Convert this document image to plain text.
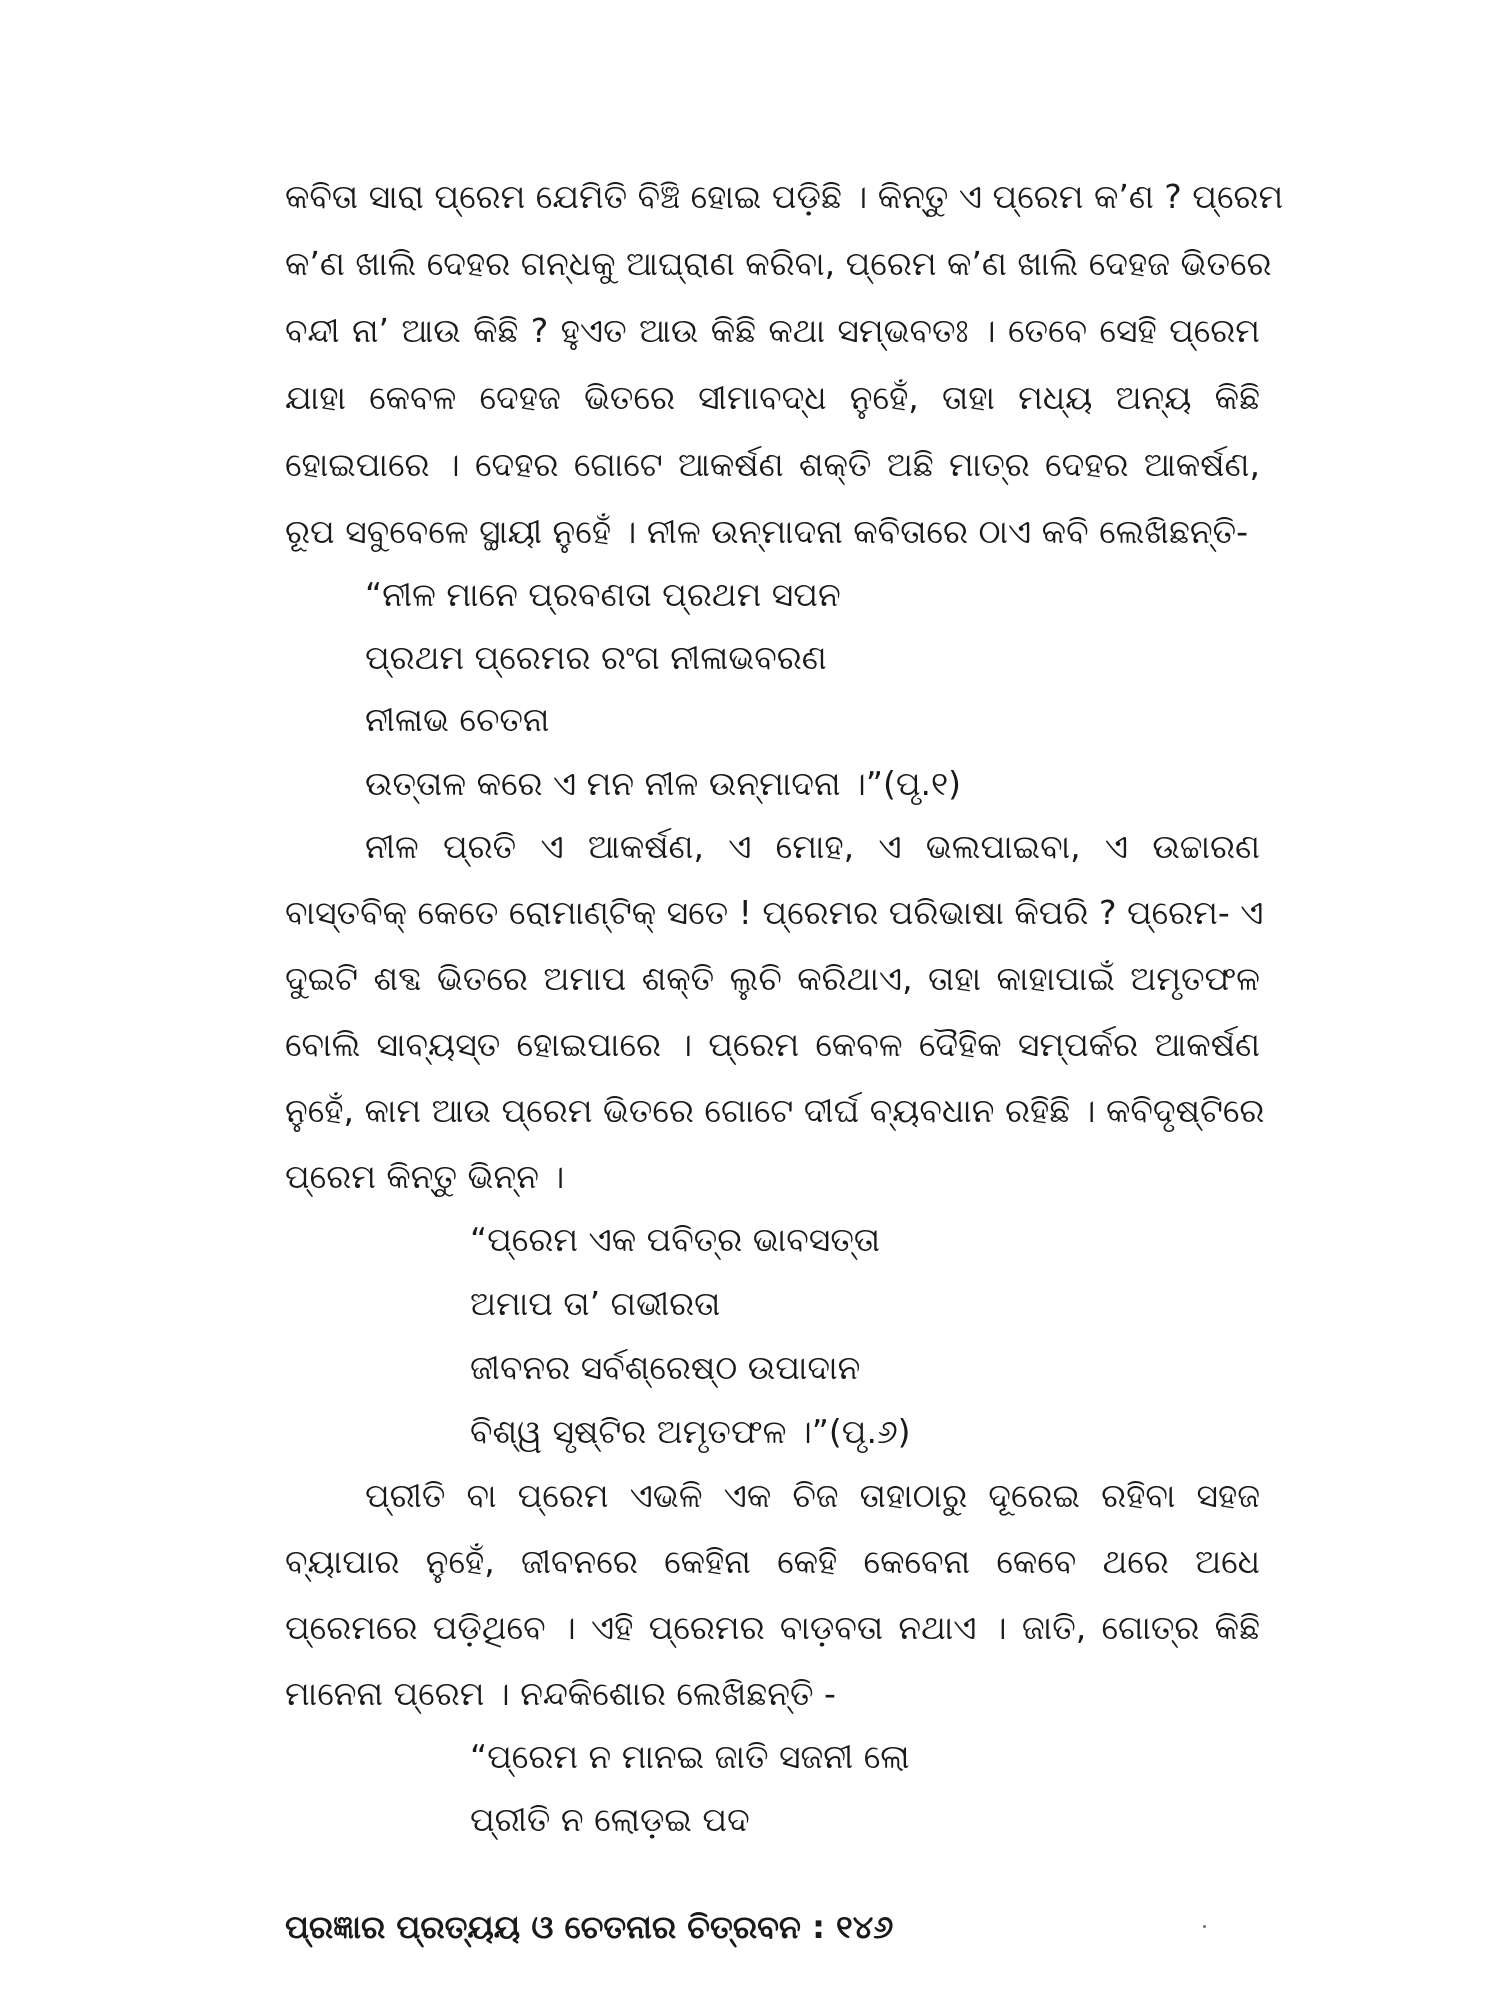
କବିତା ସାରା ପ୍ରେମ ଯେମିତି ବିଞ୍ଚି ହୋଇ ପଡ଼ିଛି । କିନ୍ତୁ ଏ ପ୍ରେମ କ’ଣ ? ପ୍ରେମ
କ’ଣ ଖାଲି ଦେହର ଗନ୍ଧକୁ ଆଘ୍ରାଣ କରିବା, ପ୍ରେମ କ’ଣ ଖାଲି ଦେହଜ ଭିତରେ
ବନ୍ଦୀ ନା’ ଆଉ କିଛି ? ହୁଏତ ଆଉ କିଛି କଥା ସମ୍ଭବତଃ । ତେବେ ସେହି ପ୍ରେମ
ଯାହା କେବଳ ଦେହଜ ଭିତରେ ସୀମାବଦ୍ଧ ନୁହେଁ, ତାହା ମଧ୍ୟ ଅନ୍ୟ କିଛି
ହୋଇପାରେ । ଦେହର ଗୋଟେ ଆକର୍ଷଣ ଶକ୍ତି ଅଛି ମାତ୍ର ଦେହର ଆକର୍ଷଣ,
ରୂପ ସବୁବେଳେ ସ୍ଥାୟୀ ନୁହେଁ । ନୀଳ ଉନ୍ମାଦନା କବିତାରେ ଠାଏ କବି ଲେଖିଛନ୍ତି-
“ନୀଳ ମାନେ ପ୍ରବଣତା ପ୍ରଥମ ସପନ
ପ୍ରଥମ ପ୍ରେମର ରଂଗ ନୀଳାଭବରଣ
ନୀଳାଭ ଚେତନା
ଉତ୍ତାଳ କରେ ଏ ମନ ନୀଳ ଉନ୍ମାଦନା ।”(ପୃ.୧)
ନୀଳ ପ୍ରତି ଏ ଆକର୍ଷଣ, ଏ ମୋହ, ଏ ଭଲପାଇବା, ଏ ଉଚ୍ଚାରଣ
ବାସ୍ତବିକ୍ କେତେ ରୋମାଣ୍ଟିକ୍ ସତେ ! ପ୍ରେମର ପରିଭାଷା କିପରି ? ପ୍ରେମ- ଏ
ଦୁଇଟି ଶବ୍ଦ ଭିତରେ ଅମାପ ଶକ୍ତି ଲୁଚି କରିଥାଏ, ତାହା କାହାପାଇଁ ଅମୃତଫଳ
ବୋଲି ସାବ୍ୟସ୍ତ ହୋଇପାରେ । ପ୍ରେମ କେବଳ ଦୈହିକ ସମ୍ପର୍କର ଆକର୍ଷଣ
ନୁହେଁ, କାମ ଆଉ ପ୍ରେମ ଭିତରେ ଗୋଟେ ଦୀର୍ଘ ବ୍ୟବଧାନ ରହିଛି । କବିଦୃଷ୍ଟିରେ
ପ୍ରେମ କିନ୍ତୁ ଭିନ୍ନ ।
“ପ୍ରେମ ଏକ ପବିତ୍ର ଭାବସତ୍ତା
ଅମାପ ତା’ ଗଭୀରତା
ଜୀବନର ସର୍ବଶ୍ରେଷ୍ଠ ଉପାଦାନ
ବିଶ୍ୱ ସୃଷ୍ଟିର ଅମୃତଫଳ ।”(ପୃ.୬)
ପ୍ରୀତି ବା ପ୍ରେମ ଏଭଳି ଏକ ଚିଜ ତାହାଠାରୁ ଦୂରେଇ ରହିବା ସହଜ
ବ୍ୟାପାର ନୁହେଁ, ଜୀବନରେ କେହିନା କେହି କେବେନା କେବେ ଥରେ ଅଧେ
ପ୍ରେମରେ ପଡ଼ିଥିବେ । ଏହି ପ୍ରେମର ବାଡ଼ବତା ନଥାଏ । ଜାତି, ଗୋତ୍ର କିଛି
ମାନେନା ପ୍ରେମ । ନନ୍ଦକିଶୋର ଲେଖିଛନ୍ତି -
“ପ୍ରେମ ନ ମାନଇ ଜାତି ସଜନୀ ଲୋ
ପ୍ରୀତି ନ ଲୋଡ଼ଇ ପଦ
ପ୍ରଜ୍ଞାର ପ୍ରତ୍ୟୟ ଓ ଚେତନାର ଚିତ୍ରବନ : ୧୪୬
